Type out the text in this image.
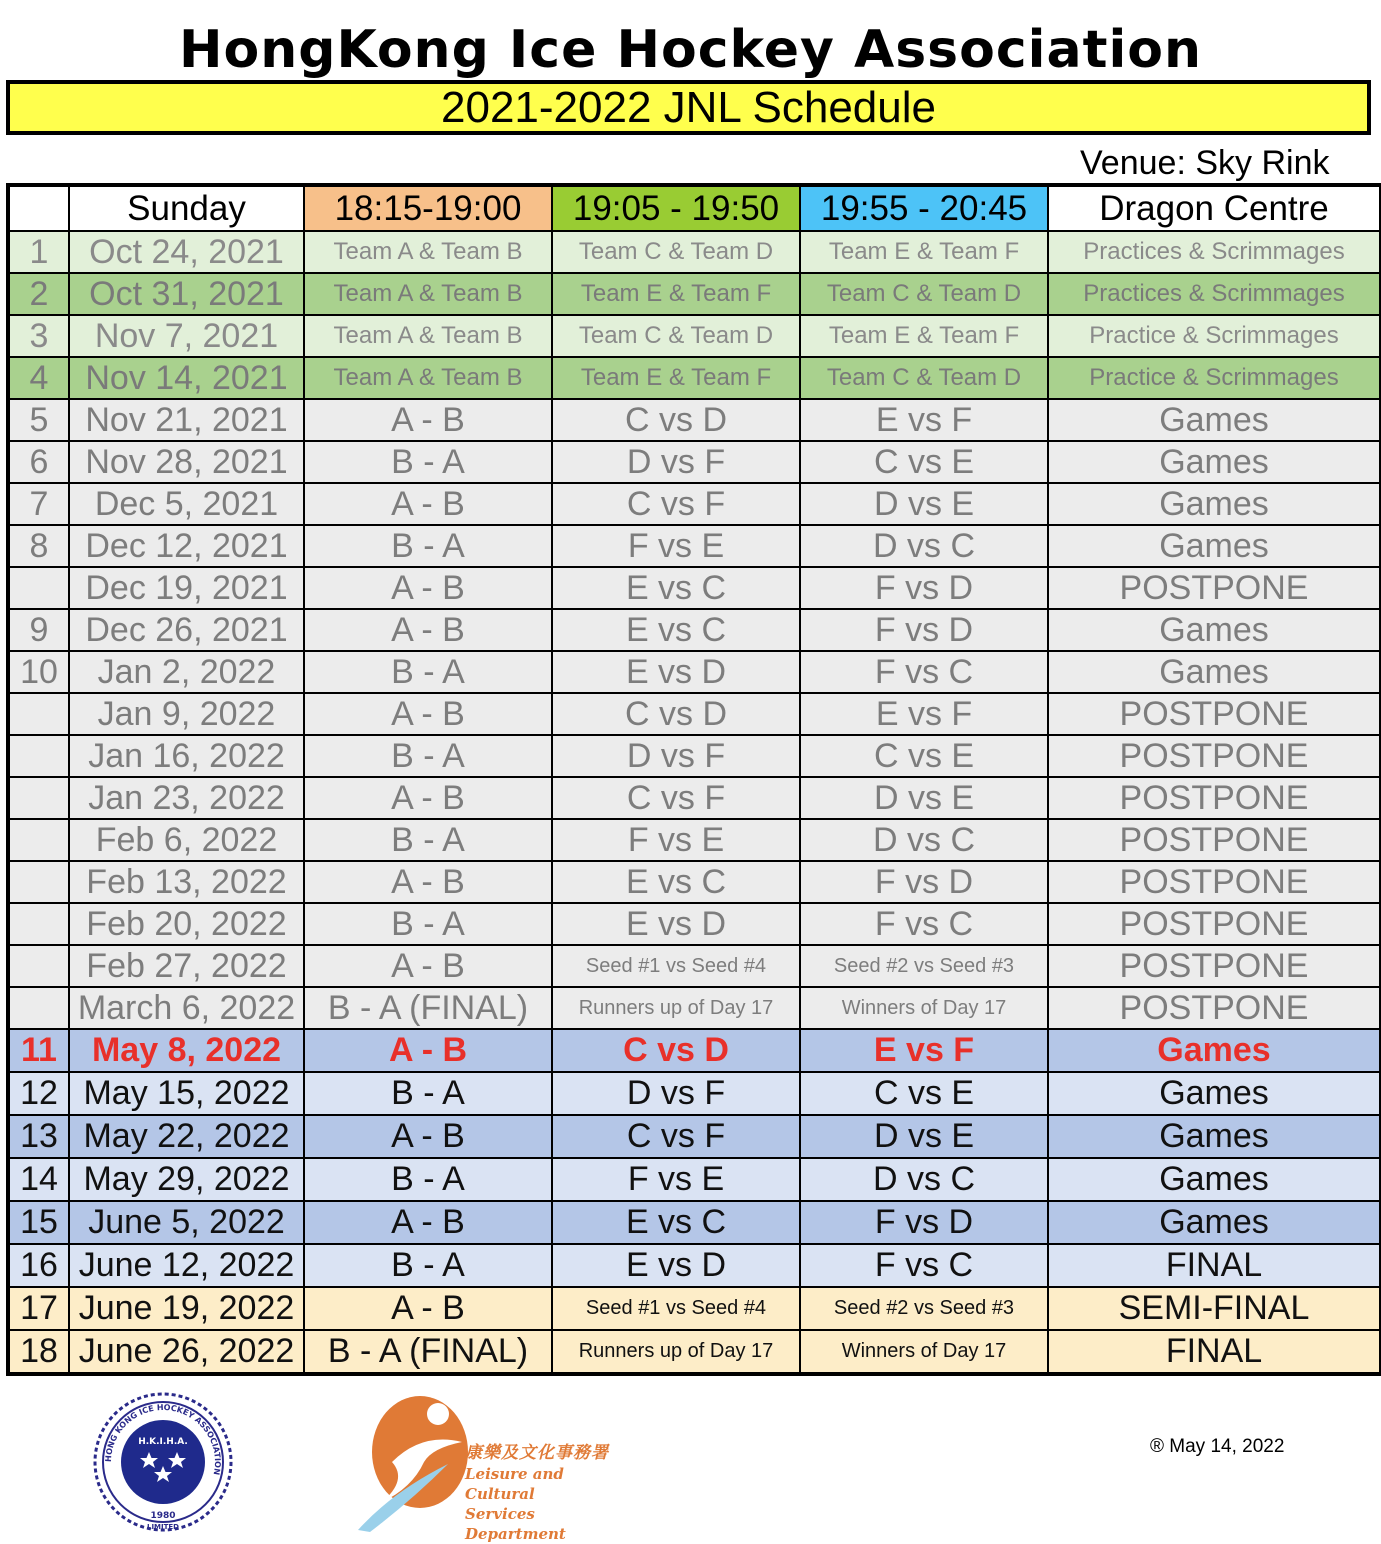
HongKong Ice Hockey Association
2021-2022 JNL Schedule
Venue: Sky Rink
	Sunday	18:15-19:00	19:05 - 19:50	19:55 - 20:45	Dragon Centre
1	Oct 24, 2021	Team A & Team B	Team C & Team D	Team E & Team F	Practices & Scrimmages
2	Oct 31, 2021	Team A & Team B	Team E & Team F	Team C & Team D	Practices & Scrimmages
3	Nov 7, 2021	Team A & Team B	Team C & Team D	Team E & Team F	Practice & Scrimmages
4	Nov 14, 2021	Team A & Team B	Team E & Team F	Team C & Team D	Practice & Scrimmages
5	Nov 21, 2021	A - B	C vs D	E vs F	Games
6	Nov 28, 2021	B - A	D vs F	C vs E	Games
7	Dec 5, 2021	A - B	C vs F	D vs E	Games
8	Dec 12, 2021	B - A	F vs E	D vs C	Games
	Dec 19, 2021	A - B	E vs C	F vs D	POSTPONE
9	Dec 26, 2021	A - B	E vs C	F vs D	Games
10	Jan 2, 2022	B - A	E vs D	F vs C	Games
	Jan 9, 2022	A - B	C vs D	E vs F	POSTPONE
	Jan 16, 2022	B - A	D vs F	C vs E	POSTPONE
	Jan 23, 2022	A - B	C vs F	D vs E	POSTPONE
	Feb 6, 2022	B - A	F vs E	D vs C	POSTPONE
	Feb 13, 2022	A - B	E vs C	F vs D	POSTPONE
	Feb 20, 2022	B - A	E vs D	F vs C	POSTPONE
	Feb 27, 2022	A - B	Seed #1 vs Seed #4	Seed #2 vs Seed #3	POSTPONE
	March 6, 2022	B - A (FINAL)	Runners up of Day 17	Winners of Day 17	POSTPONE
11	May 8, 2022	A - B	C vs D	E vs F	Games
12	May 15, 2022	B - A	D vs F	C vs E	Games
13	May 22, 2022	A - B	C vs F	D vs E	Games
14	May 29, 2022	B - A	F vs E	D vs C	Games
15	June 5, 2022	A - B	E vs C	F vs D	Games
16	June 12, 2022	B - A	E vs D	F vs C	FINAL
17	June 19, 2022	A - B	Seed #1 vs Seed #4	Seed #2 vs Seed #3	SEMI-FINAL
18	June 26, 2022	B - A (FINAL)	Runners up of Day 17	Winners of Day 17	FINAL
HONG KONG ICE HOCKEY ASSOCIATION
H.K.I.H.A.
1980
LIMITED
康樂及文化事務署
Leisure and Cultural
Services Department
® May 14, 2022
